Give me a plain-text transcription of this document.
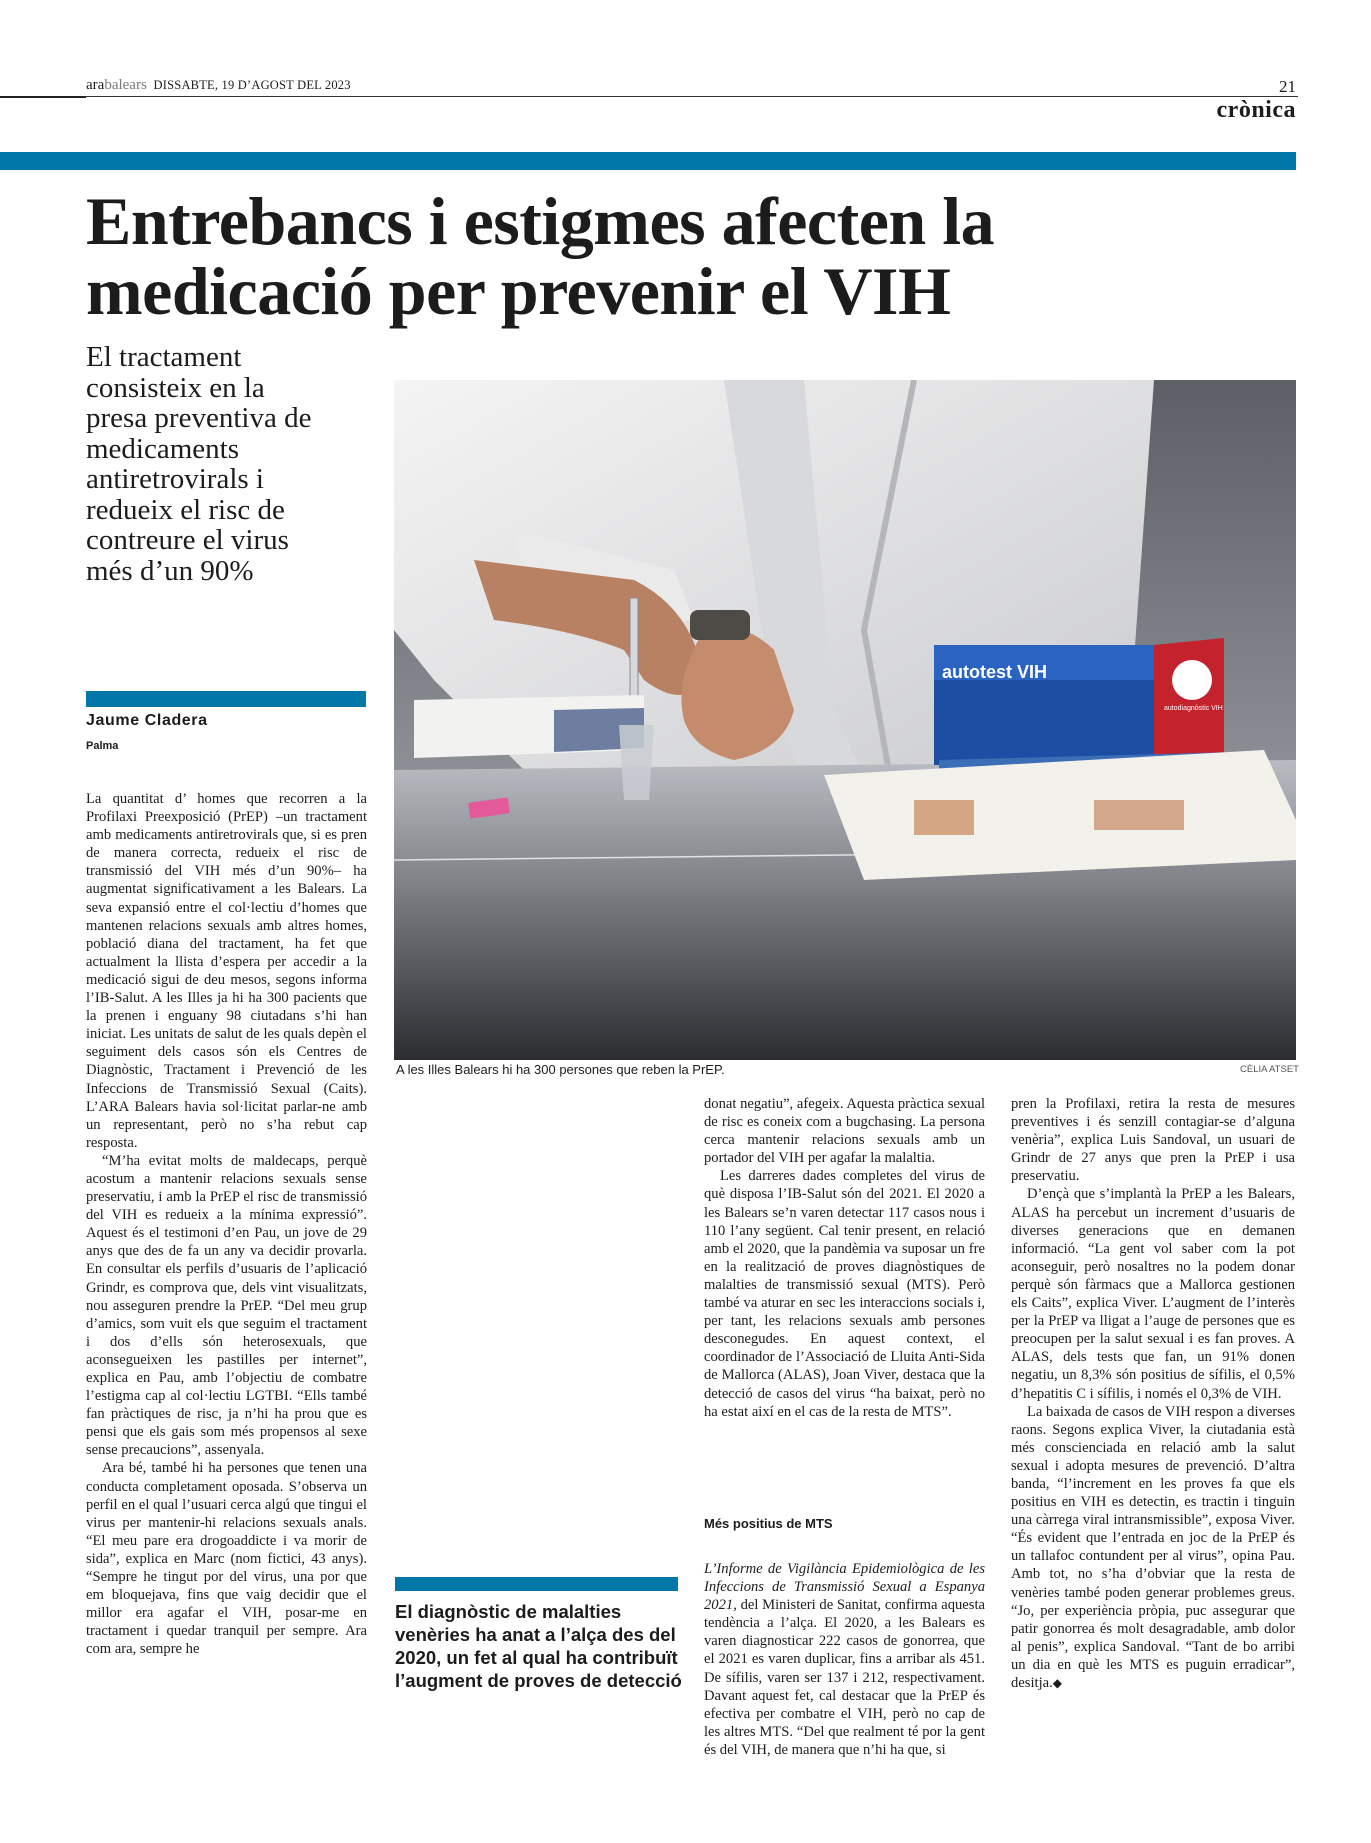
arabalears DISSABTE, 19 D’AGOST DEL 2023	21
crònica
Entrebancs i estigmes afecten la medicació per prevenir el VIH

El tractament consisteix en la presa preventiva de medicaments antiretrovirals i redueix el risc de contreure el virus més d’un 90%

autotest VIH
autodiagnòstic VIH
A les Illes Balears hi ha 300 persones que reben la PrEP.	CÈLIA ATSET
Jaume Cladera
Palma

La quantitat d’ homes que recorren a la Profilaxi Preexposició (PrEP) –un tractament amb medicaments antiretrovirals que, si es pren de manera correcta, redueix el risc de transmissió del VIH més d’un 90%– ha augmentat significativament a les Balears. La seva expansió entre el col·lectiu d’homes que mantenen relacions sexuals amb altres homes, població diana del tractament, ha fet que actualment la llista d’espera per accedir a la medicació sigui de deu mesos, segons informa l’IB-Salut. A les Illes ja hi ha 300 pacients que la prenen i enguany 98 ciutadans s’hi han iniciat. Les unitats de salut de les quals depèn el seguiment dels casos són els Centres de Diagnòstic, Tractament i Prevenció de les Infeccions de Transmissió Sexual (Caits). L’ARA Balears havia sol·licitat parlar-ne amb un representant, però no s’ha rebut cap resposta.

“M’ha evitat molts de maldecaps, perquè acostum a mantenir relacions sexuals sense preservatiu, i amb la PrEP el risc de transmissió del VIH es redueix a la mínima expressió”. Aquest és el testimoni d’en Pau, un jove de 29 anys que des de fa un any va decidir provarla. En consultar els perfils d’usuaris de l’aplicació Grindr, es comprova que, dels vint visualitzats, nou asseguren prendre la PrEP. “Del meu grup d’amics, som vuit els que seguim el tractament i dos d’ells són heterosexuals, que aconsegueixen les pastilles per internet”, explica en Pau, amb l’objectiu de combatre l’estigma cap al col·lectiu LGTBI. “Ells també fan pràctiques de risc, ja n’hi ha prou que es pensi que els gais som més propensos al sexe sense precaucions”, assenyala.

Ara bé, també hi ha persones que tenen una conducta completament oposada. S’observa un perfil en el qual l’usuari cerca algú que tingui el virus per mantenir-hi relacions sexuals anals. “El meu pare era drogoaddicte i va morir de sida”, explica en Marc (nom fictici, 43 anys). “Sempre he tingut por del virus, una por que em bloquejava, fins que vaig decidir que el millor era agafar el VIH, posar-me en tractament i quedar tranquil per sempre. Ara com ara, sempre he

El diagnòstic de malalties venèries ha anat a l’alça des del 2020, un fet al qual ha contribuït l’augment de proves de detecció

donat negatiu”, afegeix. Aquesta pràctica sexual de risc es coneix com a bugchasing. La persona cerca mantenir relacions sexuals amb un portador del VIH per agafar la malaltia.

Les darreres dades completes del virus de què disposa l’IB-Salut són del 2021. El 2020 a les Balears se’n varen detectar 117 casos nous i 110 l’any següent. Cal tenir present, en relació amb el 2020, que la pandèmia va suposar un fre en la realització de proves diagnòstiques de malalties de transmissió sexual (MTS). Però també va aturar en sec les interaccions socials i, per tant, les relacions sexuals amb persones desconegudes. En aquest context, el coordinador de l’Associació de Lluita Anti-Sida de Mallorca (ALAS), Joan Viver, destaca que la detecció de casos del virus “ha baixat, però no ha estat així en el cas de la resta de MTS”.

Més positius de MTS

L’Informe de Vigilància Epidemiològica de les Infeccions de Transmissió Sexual a Espanya 2021, del Ministeri de Sanitat, confirma aquesta tendència a l’alça. El 2020, a les Balears es varen diagnosticar 222 casos de gonorrea, que el 2021 es varen duplicar, fins a arribar als 451. De sífilis, varen ser 137 i 212, respectivament. Davant aquest fet, cal destacar que la PrEP és efectiva per combatre el VIH, però no cap de les altres MTS. “Del que realment té por la gent és del VIH, de manera que n’hi ha que, si

pren la Profilaxi, retira la resta de mesures preventives i és senzill contagiar-se d’alguna venèria”, explica Luis Sandoval, un usuari de Grindr de 27 anys que pren la PrEP i usa preservatiu.

D’ençà que s’implantà la PrEP a les Balears, ALAS ha percebut un increment d’usuaris de diverses generacions que en demanen informació. “La gent vol saber com la pot aconseguir, però nosaltres no la podem donar perquè són fàrmacs que a Mallorca gestionen els Caits”, explica Viver. L’augment de l’interès per la PrEP va lligat a l’auge de persones que es preocupen per la salut sexual i es fan proves. A ALAS, dels tests que fan, un 91% donen negatiu, un 8,3% són positius de sífilis, el 0,5% d’hepatitis C i sífilis, i només el 0,3% de VIH.

La baixada de casos de VIH respon a diverses raons. Segons explica Viver, la ciutadania està més conscienciada en relació amb la salut sexual i adopta mesures de prevenció. D’altra banda, “l’increment en les proves fa que els positius en VIH es detectin, es tractin i tinguin una càrrega viral intransmissible”, exposa Viver. “És evident que l’entrada en joc de la PrEP és un tallafoc contundent per al virus”, opina Pau. Amb tot, no s’ha d’obviar que la resta de venèries també poden generar problemes greus. “Jo, per experiència pròpia, puc assegurar que patir gonorrea és molt desagradable, amb dolor al penis”, explica Sandoval. “Tant de bo arribi un dia en què les MTS es puguin erradicar”, desitja.◆
